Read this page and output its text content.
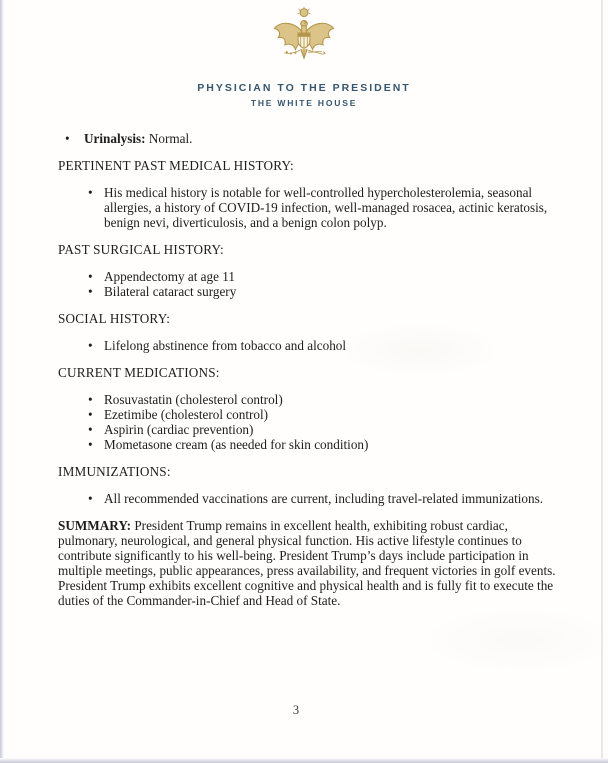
PHYSICIAN TO THE PRESIDENT
THE WHITE HOUSE
• Urinalysis: Normal.
PERTINENT PAST MEDICAL HISTORY:
• His medical history is notable for well-controlled hypercholesterolemia, seasonal
allergies, a history of COVID-19 infection, well-managed rosacea, actinic keratosis,
benign nevi, diverticulosis, and a benign colon polyp.
PAST SURGICAL HISTORY:
• Appendectomy at age 11
• Bilateral cataract surgery
SOCIAL HISTORY:
• Lifelong abstinence from tobacco and alcohol
CURRENT MEDICATIONS:
• Rosuvastatin (cholesterol control)
• Ezetimibe (cholesterol control)
• Aspirin (cardiac prevention)
• Mometasone cream (as needed for skin condition)
IMMUNIZATIONS:
• All recommended vaccinations are current, including travel-related immunizations.
SUMMARY: President Trump remains in excellent health, exhibiting robust cardiac,
pulmonary, neurological, and general physical function. His active lifestyle continues to
contribute significantly to his well-being. President Trump’s days include participation in
multiple meetings, public appearances, press availability, and frequent victories in golf events.
President Trump exhibits excellent cognitive and physical health and is fully fit to execute the
duties of the Commander-in-Chief and Head of State.
3
